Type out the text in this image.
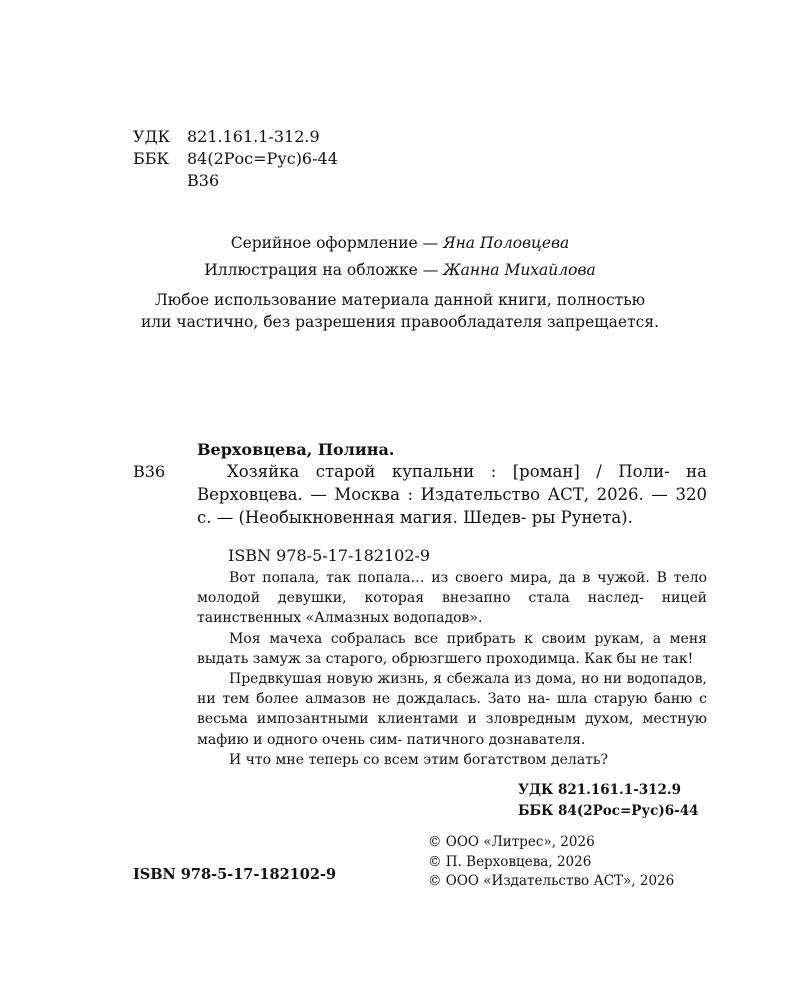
УДК	821.161.1-312.9
ББК	84(2Рос=Рус)6-44
В36
Серийное оформление — Яна Половцева
Иллюстрация на обложке — Жанна Михайлова
Любое использование материала данной книги, полностью
или частично, без разрешения правообладателя запрещается.
Верховцева, Полина.
В36	Хозяйка старой купальни : [роман] / Поли- на Верховцева. — Москва : Издательство АСТ, 2026. — 320 с. — (Необыкновенная магия. Шедев- ры Рунета).

ISBN 978-5-17-182102-9

Вот попала, так попала… из своего мира, да в чужой. В тело молодой девушки, которая внезапно стала наслед- ницей таинственных «Алмазных водопадов».

Моя мачеха собралась все прибрать к своим рукам, а меня выдать замуж за старого, обрюзгшего проходимца. Как бы не так!

Предвкушая новую жизнь, я сбежала из дома, но ни водопадов, ни тем более алмазов не дождалась. Зато на- шла старую баню с весьма импозантными клиентами и зловредным духом, местную мафию и одного очень сим- патичного дознавателя.

И что мне теперь со всем этим богатством делать?

УДК 821.161.1-312.9
ББК 84(2Рос=Рус)6-44
© ООО «Литрес», 2026
© П. Верховцева, 2026
© ООО «Издательство АСТ», 2026
ISBN 978-5-17-182102-9
